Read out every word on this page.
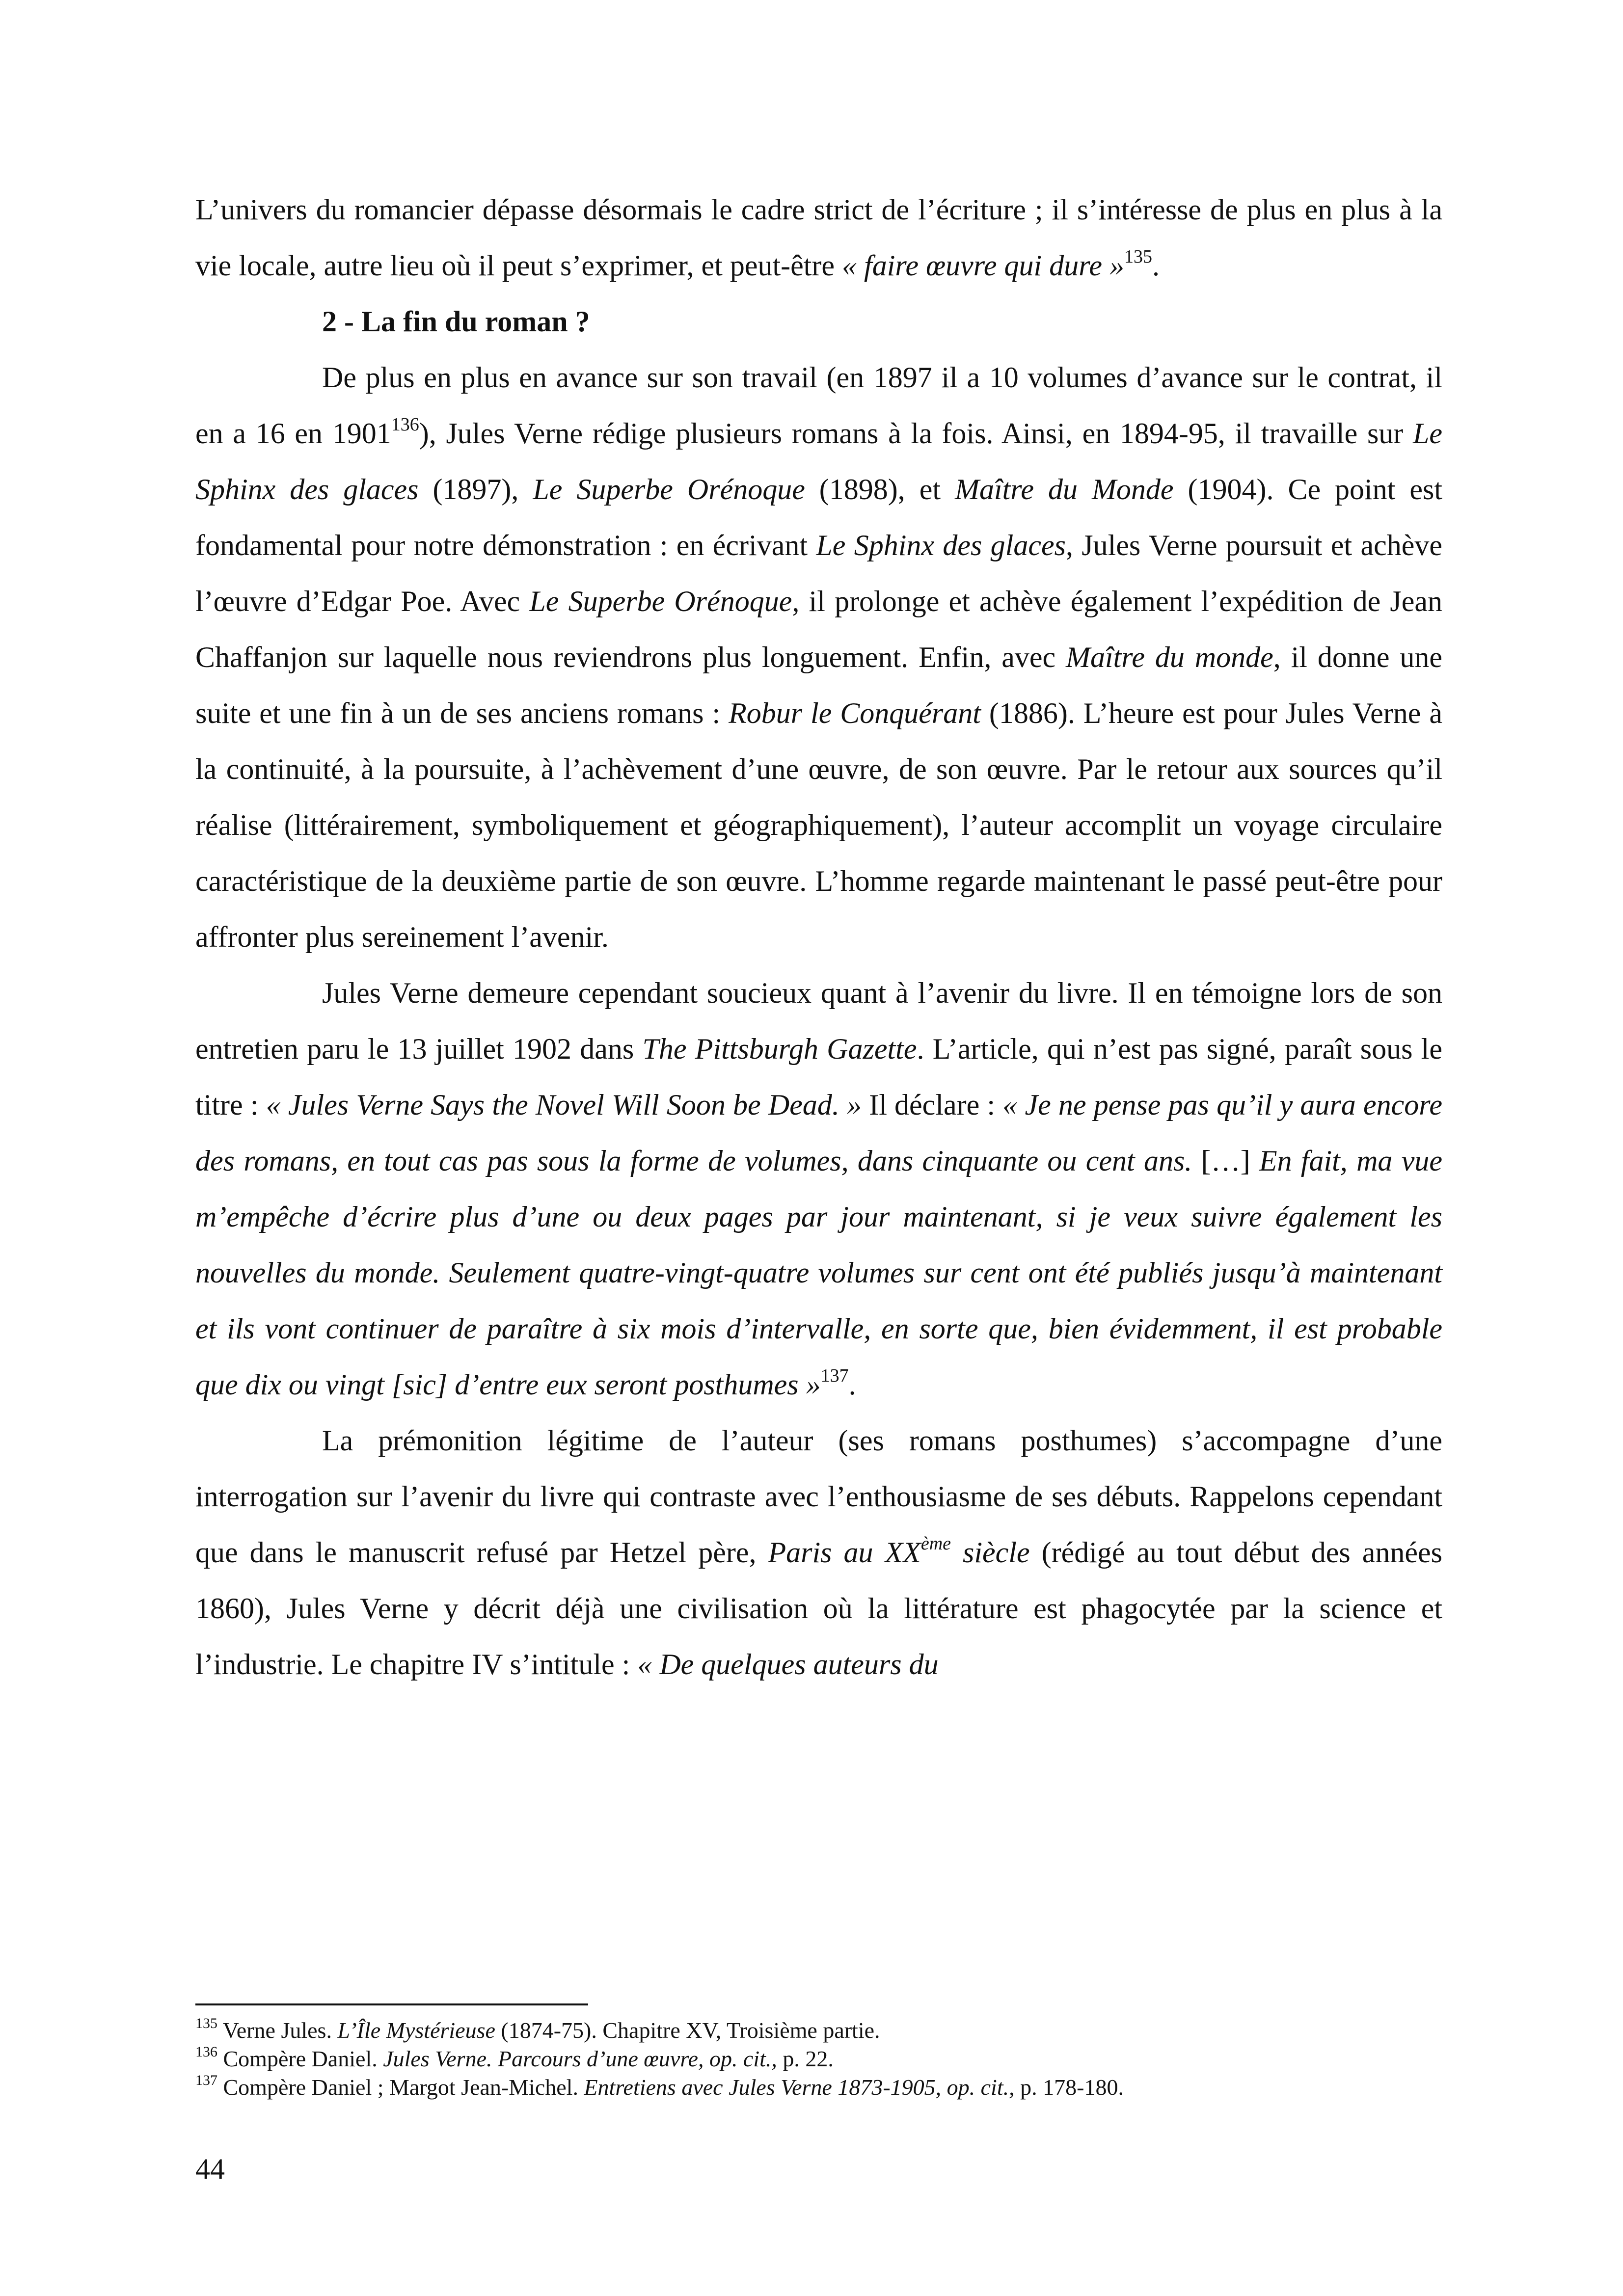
L’univers du romancier dépasse désormais le cadre strict de l’écriture ; il s’intéresse de plus en plus à la vie locale, autre lieu où il peut s’exprimer, et peut-être « faire œuvre qui dure »$^{135}$.

2 - La fin du roman ?

De plus en plus en avance sur son travail (en 1897 il a 10 volumes d’avance sur le contrat, il en a 16 en 1901$^{136}$), Jules Verne rédige plusieurs romans à la fois. Ainsi, en 1894-95, il travaille sur Le Sphinx des glaces (1897), Le Superbe Orénoque (1898), et Maître du Monde (1904). Ce point est fondamental pour notre démonstration : en écrivant Le Sphinx des glaces, Jules Verne poursuit et achève l’œuvre d’Edgar Poe. Avec Le Superbe Orénoque, il prolonge et achève également l’expédition de Jean Chaffanjon sur laquelle nous reviendrons plus longuement. Enfin, avec Maître du monde, il donne une suite et une fin à un de ses anciens romans : Robur le Conquérant (1886). L’heure est pour Jules Verne à la continuité, à la poursuite, à l’achèvement d’une œuvre, de son œuvre. Par le retour aux sources qu’il réalise (littérairement, symboliquement et géographiquement), l’auteur accomplit un voyage circulaire caractéristique de la deuxième partie de son œuvre. L’homme regarde maintenant le passé peut-être pour affronter plus sereinement l’avenir.

Jules Verne demeure cependant soucieux quant à l’avenir du livre. Il en témoigne lors de son entretien paru le 13 juillet 1902 dans The Pittsburgh Gazette. L’article, qui n’est pas signé, paraît sous le titre : « Jules Verne Says the Novel Will Soon be Dead. » Il déclare : « Je ne pense pas qu’il y aura encore des romans, en tout cas pas sous la forme de volumes, dans cinquante ou cent ans. […] En fait, ma vue m’empêche d’écrire plus d’une ou deux pages par jour maintenant, si je veux suivre également les nouvelles du monde. Seulement quatre-vingt-quatre volumes sur cent ont été publiés jusqu’à maintenant et ils vont continuer de paraître à six mois d’intervalle, en sorte que, bien évidemment, il est probable que dix ou vingt [sic] d’entre eux seront posthumes »$^{137}$.

La prémonition légitime de l’auteur (ses romans posthumes) s’accompagne d’une interrogation sur l’avenir du livre qui contraste avec l’enthousiasme de ses débuts. Rappelons cependant que dans le manuscrit refusé par Hetzel père, Paris au XXème siècle (rédigé au tout début des années 1860), Jules Verne y décrit déjà une civilisation où la littérature est phagocytée par la science et l’industrie. Le chapitre IV s’intitule : « De quelques auteurs du

$^{135}$ Verne Jules. L’Île Mystérieuse (1874-75). Chapitre XV, Troisième partie.
$^{136}$ Compère Daniel. Jules Verne. Parcours d’une œuvre, op. cit., p. 22.
$^{137}$ Compère Daniel ; Margot Jean-Michel. Entretiens avec Jules Verne 1873-1905, op. cit., p. 178-180.
44
